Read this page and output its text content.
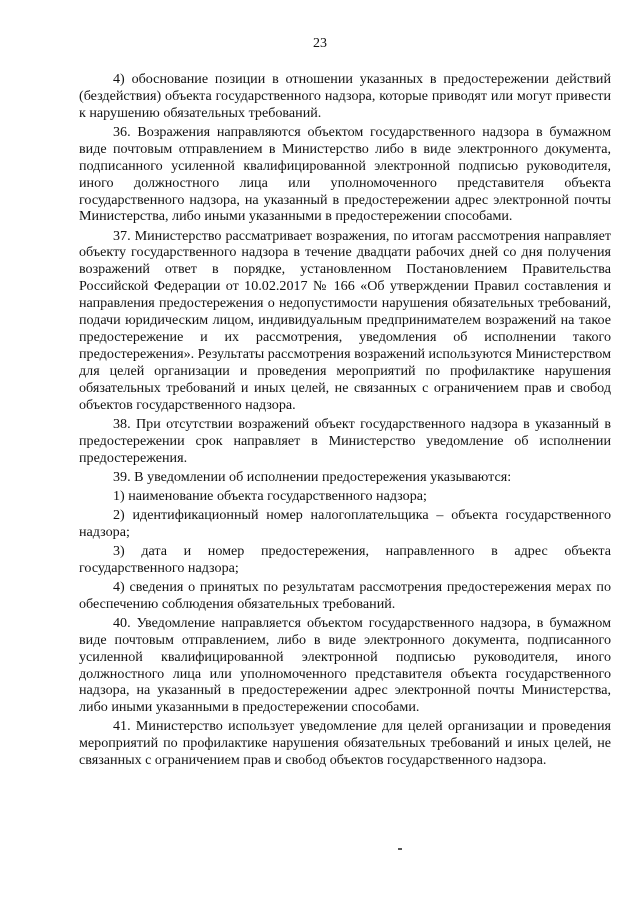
23

4) обоснование позиции в отношении указанных в предостережении действий (бездействия) объекта государственного надзора, которые приводят или могут привести к нарушению обязательных требований.

36. Возражения направляются объектом государственного надзора в бумажном виде почтовым отправлением в Министерство либо в виде электронного документа, подписанного усиленной квалифицированной электронной подписью руководителя, иного должностного лица или уполномоченного представителя объекта государственного надзора, на указанный в предостережении адрес электронной почты Министерства, либо иными указанными в предостережении способами.

37. Министерство рассматривает возражения, по итогам рассмотрения направляет объекту государственного надзора в течение двадцати рабочих дней со дня получения возражений ответ в порядке, установленном Постановлением Правительства Российской Федерации от 10.02.2017 № 166 «Об утверждении Правил составления и направления предостережения о недопустимости нарушения обязательных требований, подачи юридическим лицом, индивидуальным предпринимателем возражений на такое предостережение и их рассмотрения, уведомления об исполнении такого предостережения». Результаты рассмотрения возражений используются Министерством для целей организации и проведения мероприятий по профилактике нарушения обязательных требований и иных целей, не связанных с ограничением прав и свобод объектов государственного надзора.

38. При отсутствии возражений объект государственного надзора в указанный в предостережении срок направляет в Министерство уведомление об исполнении предостережения.

39. В уведомлении об исполнении предостережения указываются:

1) наименование объекта государственного надзора;

2) идентификационный номер налогоплательщика – объекта государственного надзора;

3) дата и номер предостережения, направленного в адрес объекта государственного надзора;

4) сведения о принятых по результатам рассмотрения предостережения мерах по обеспечению соблюдения обязательных требований.

40. Уведомление направляется объектом государственного надзора, в бумажном виде почтовым отправлением, либо в виде электронного документа, подписанного усиленной квалифицированной электронной подписью руководителя, иного должностного лица или уполномоченного представителя объекта государственного надзора, на указанный в предостережении адрес электронной почты Министерства, либо иными указанными в предостережении способами.

41. Министерство использует уведомление для целей организации и проведения мероприятий по профилактике нарушения обязательных требований и иных целей, не связанных с ограничением прав и свобод объектов государственного надзора.
